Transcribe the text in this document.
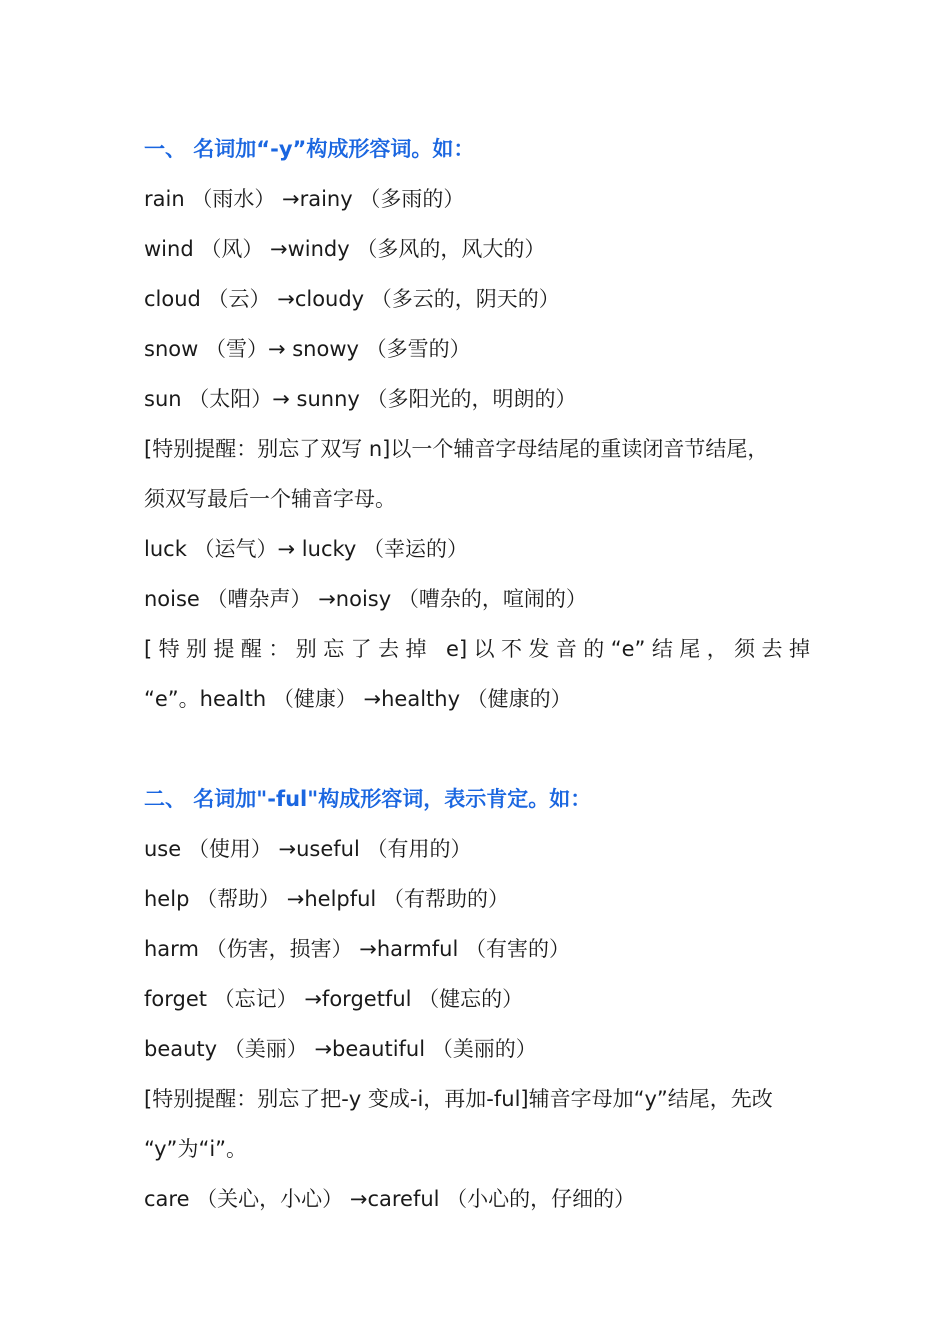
一、 名词加“-y”构成形容词。如：
rain （雨水） →rainy （多雨的）
wind （风） →windy （多风的，风大的）
cloud （云） →cloudy （多云的，阴天的）
snow （雪）→ snowy （多雪的）
sun （太阳）→ sunny （多阳光的，明朗的）
[特别提醒：别忘了双写 n]以一个辅音字母结尾的重读闭音节结尾，
须双写最后一个辅音字母。
luck （运气）→ lucky （幸运的）
noise （嘈杂声） →noisy （嘈杂的，喧闹的）
[特别提醒：别忘了去掉 e]以不发音的“e”结尾，须去掉
“e”。health （健康） →healthy （健康的）
二、 名词加"-ful"构成形容词，表示肯定。如：
use （使用） →useful （有用的）
help （帮助） →helpful （有帮助的）
harm （伤害，损害） →harmful （有害的）
forget （忘记） →forgetful （健忘的）
beauty （美丽） →beautiful （美丽的）
[特别提醒：别忘了把-y 变成-i，再加-ful]辅音字母加“y”结尾，先改
“y”为“i”。
care （关心，小心） →careful （小心的，仔细的）
